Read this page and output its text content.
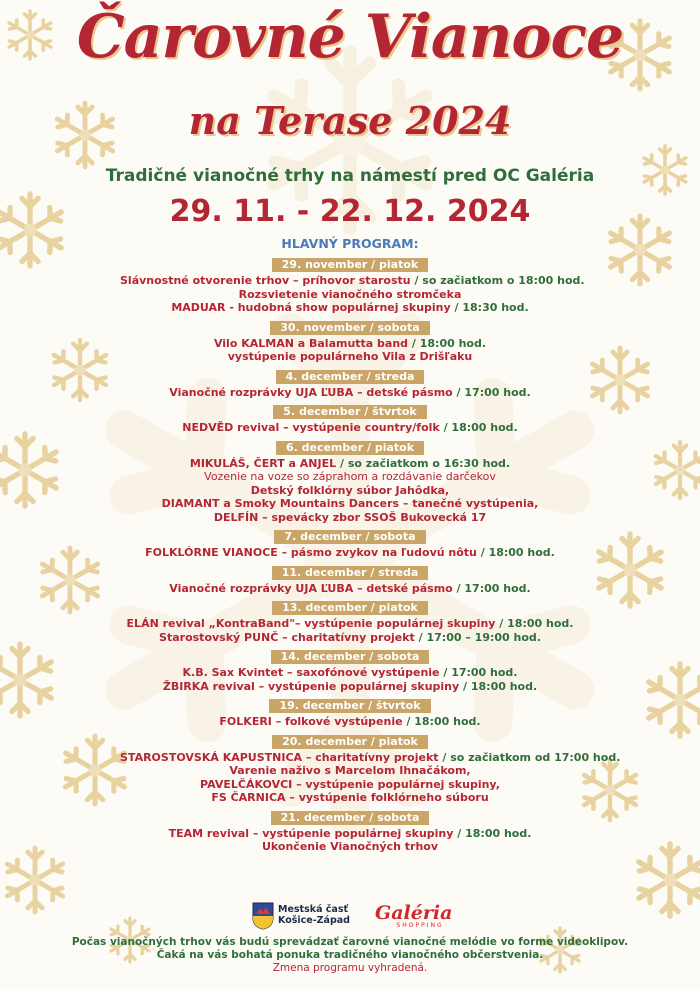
Čarovné Vianoce
na Terase 2024
Tradičné vianočné trhy na námestí pred OC Galéria
29. 11. - 22. 12. 2024
HLAVNÝ PROGRAM:
29. november / piatok
Slávnostné otvorenie trhov – príhovor starostu / so začiatkom o 18:00 hod.
Rozsvietenie vianočného stromčeka
MADUAR - hudobná show populárnej skupiny / 18:30 hod.
30. november / sobota
Vilo KALMAN a Balamutta band / 18:00 hod.
vystúpenie populárneho Vila z Drišľaku
4. december / streda
Vianočné rozprávky UJA ĽUBA – detské pásmo / 17:00 hod.
5. december / štvrtok
NEDVĚD revival – vystúpenie country/folk / 18:00 hod.
6. december / piatok
MIKULÁŠ, ČERT a ANJEL / so začiatkom o 16:30 hod.
Vozenie na voze so záprahom a rozdávanie darčekov
Detský folklórny súbor Jahôdka,
DIAMANT a Smoky Mountains Dancers – tanečné vystúpenia,
DELFÍN – spevácky zbor SSOŠ Bukovecká 17
7. december / sobota
FOLKLÓRNE VIANOCE – pásmo zvykov na ľudovú nôtu / 18:00 hod.
11. december / streda
Vianočné rozprávky UJA ĽUBA – detské pásmo / 17:00 hod.
13. december / piatok
ELÁN revival „KontraBand"– vystúpenie populárnej skupiny / 18:00 hod.
Starostovský PUNČ – charitatívny projekt / 17:00 – 19:00 hod.
14. december / sobota
K.B. Sax Kvintet – saxofónové vystúpenie / 17:00 hod.
ŽBIRKA revival – vystúpenie populárnej skupiny / 18:00 hod.
19. december / štvrtok
FOLKERI – folkové vystúpenie / 18:00 hod.
20. december / piatok
STAROSTOVSKÁ KAPUSTNICA – charitatívny projekt / so začiatkom od 17:00 hod.
Varenie naživo s Marcelom Ihnačákom,
PAVELČÁKOVCI – vystúpenie populárnej skupiny,
FS ČARNICA – vystúpenie folklórneho súboru
21. december / sobota
TEAM revival – vystúpenie populárnej skupiny / 18:00 hod.
Ukončenie Vianočných trhov
Mestská časť
Košice-Západ Galéria
SHOPPING
Počas vianočných trhov vás budú sprevádzať čarovné vianočné melódie vo forme videoklipov.
Čaká na vás bohatá ponuka tradičného vianočného občerstvenia.
Zmena programu vyhradená.
